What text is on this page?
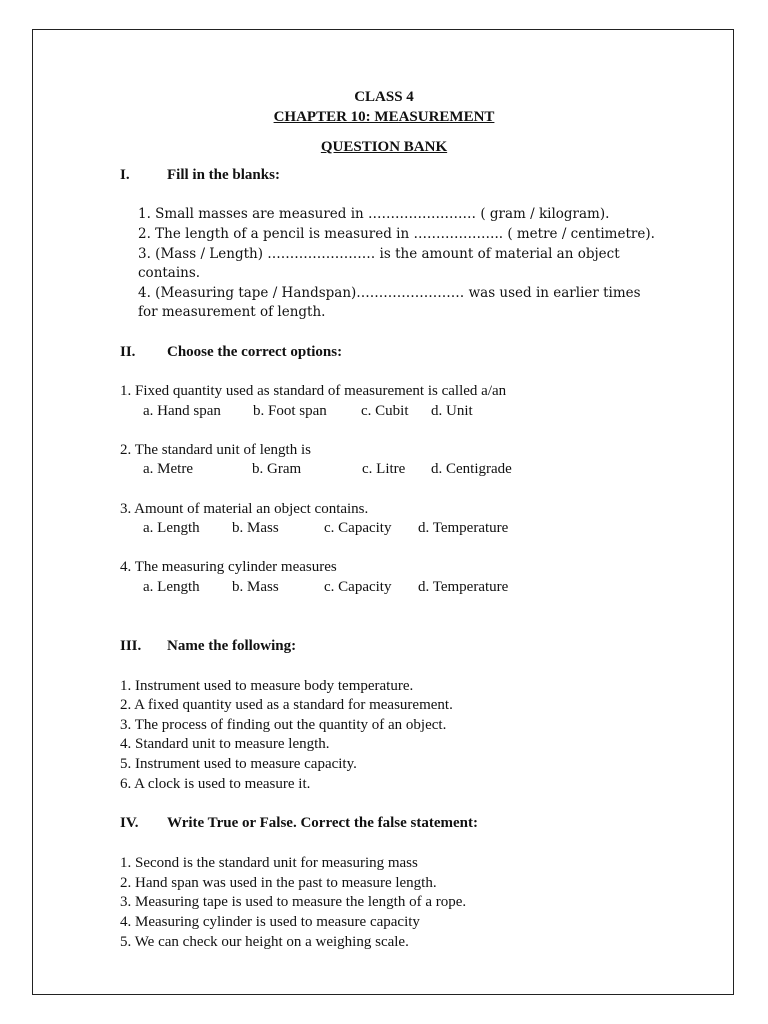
CLASS 4
CHAPTER 10: MEASUREMENT
QUESTION BANK
I. Fill in the blanks:
1. Small masses are measured in …………………… ( gram / kilogram).
2. The length of a pencil is measured in ……………….. ( metre / centimetre).
3. (Mass / Length) …………………… is the amount of material an object
contains.
4. (Measuring tape / Handspan)…………………… was used in earlier times
for measurement of length.
II. Choose the correct options:
1. Fixed quantity used as standard of measurement is called a/an
a. Hand span b. Foot span c. Cubit d. Unit
2. The standard unit of length is
a. Metre	b. Gram	c. Litre d. Centigrade
3. Amount of material an object contains.
a. Length b. Mass	c. Capacity d. Temperature
4. The measuring cylinder measures
a. Length b. Mass	c. Capacity d. Temperature
III. Name the following:
1. Instrument used to measure body temperature.
2. A fixed quantity used as a standard for measurement.
3. The process of finding out the quantity of an object.
4. Standard unit to measure length.
5. Instrument used to measure capacity.
6. A clock is used to measure it.
IV. Write True or False. Correct the false statement:
1. Second is the standard unit for measuring mass
2. Hand span was used in the past to measure length.
3. Measuring tape is used to measure the length of a rope.
4. Measuring cylinder is used to measure capacity
5. We can check our height on a weighing scale.
